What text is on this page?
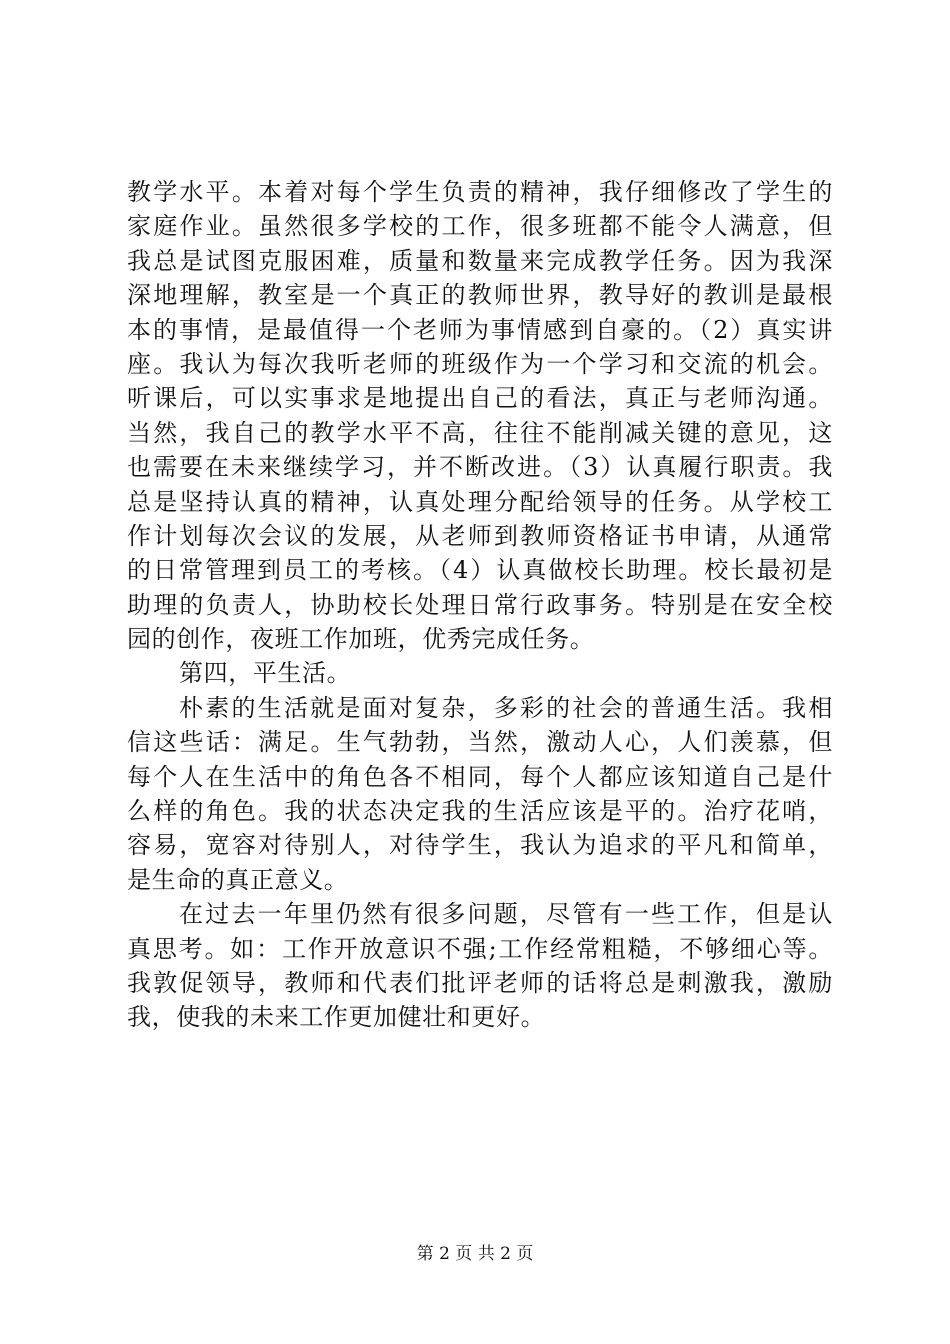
教学水平。本着对每个学生负责的精神，我仔细修改了学生的
家庭作业。虽然很多学校的工作，很多班都不能令人满意，但
我总是试图克服困难，质量和数量来完成教学任务。因为我深
深地理解，教室是一个真正的教师世界，教导好的教训是最根
本的事情，是最值得一个老师为事情感到自豪的。（2）真实讲
座。我认为每次我听老师的班级作为一个学习和交流的机会。
听课后，可以实事求是地提出自己的看法，真正与老师沟通。
当然，我自己的教学水平不高，往往不能削减关键的意见，这
也需要在未来继续学习，并不断改进。（3）认真履行职责。我
总是坚持认真的精神，认真处理分配给领导的任务。从学校工
作计划每次会议的发展，从老师到教师资格证书申请，从通常
的日常管理到员工的考核。（4）认真做校长助理。校长最初是
助理的负责人，协助校长处理日常行政事务。特别是在安全校
园的创作，夜班工作加班，优秀完成任务。
第四，平生活。
朴素的生活就是面对复杂，多彩的社会的普通生活。我相
信这些话：满足。生气勃勃，当然，激动人心，人们羡慕，但
每个人在生活中的角色各不相同，每个人都应该知道自己是什
么样的角色。我的状态决定我的生活应该是平的。治疗花哨，
容易，宽容对待别人，对待学生，我认为追求的平凡和简单，
是生命的真正意义。
在过去一年里仍然有很多问题，尽管有一些工作，但是认
真思考。如：工作开放意识不强;工作经常粗糙，不够细心等。
我敦促领导，教师和代表们批评老师的话将总是刺激我，激励
我，使我的未来工作更加健壮和更好。
第 2 页 共 2 页
